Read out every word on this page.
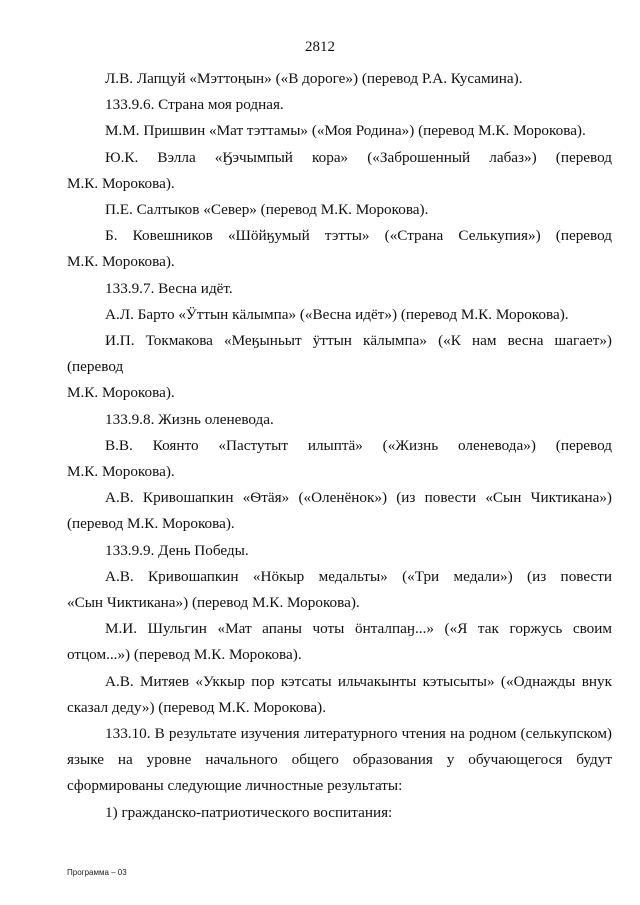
2812

Л.В. Лапцуй «Мэттоңын» («В дороге») (перевод Р.А. Кусамина).

133.9.6. Страна моя родная.

М.М. Пришвин «Мат тэттамы» («Моя Родина») (перевод М.К. Морокова).

Ю.К. Вэлла «Ӄэчымпый кора» («Заброшенный лабаз») (перевод
М.К. Морокова).

П.Е. Салтыков «Север» (перевод М.К. Морокова).

Б. Ковешников «Шӧйӄумый тэтты» («Страна Селькупия») (перевод
М.К. Морокова).

133.9.7. Весна идёт.

А.Л. Барто «Ӱттын кӓлымпа» («Весна идёт») (перевод М.К. Морокова).

И.П. Токмакова «Меӄыньыт ӱттын кӓлымпа» («К нам весна шагает») (перевод
М.К. Морокова).

133.9.8. Жизнь оленевода.

В.В. Коянто «Пастутыт илыптӓ» («Жизнь оленевода») (перевод
М.К. Морокова).

А.В. Кривошапкин «Ѳтӓя» («Оленёнок») (из повести «Сын Чиктикана»)
(перевод М.К. Морокова).

133.9.9. День Победы.

А.В. Кривошапкин «Нӧкыр медальты» («Три медали») (из повести
«Сын Чиктикана») (перевод М.К. Морокова).

М.И. Шульгин «Мат апаны чоты ӧнталпаӈ...» («Я так горжусь своим
отцом...») (перевод М.К. Морокова).

А.В. Митяев «Уккыр пор кэтсаты ильчакынты кэтысыты» («Однажды внук
сказал деду») (перевод М.К. Морокова).

133.10. В результате изучения литературного чтения на родном (селькупском)
языке на уровне начального общего образования у обучающегося будут
сформированы следующие личностные результаты:

1) гражданско-патриотического воспитания:

Программа – 03
